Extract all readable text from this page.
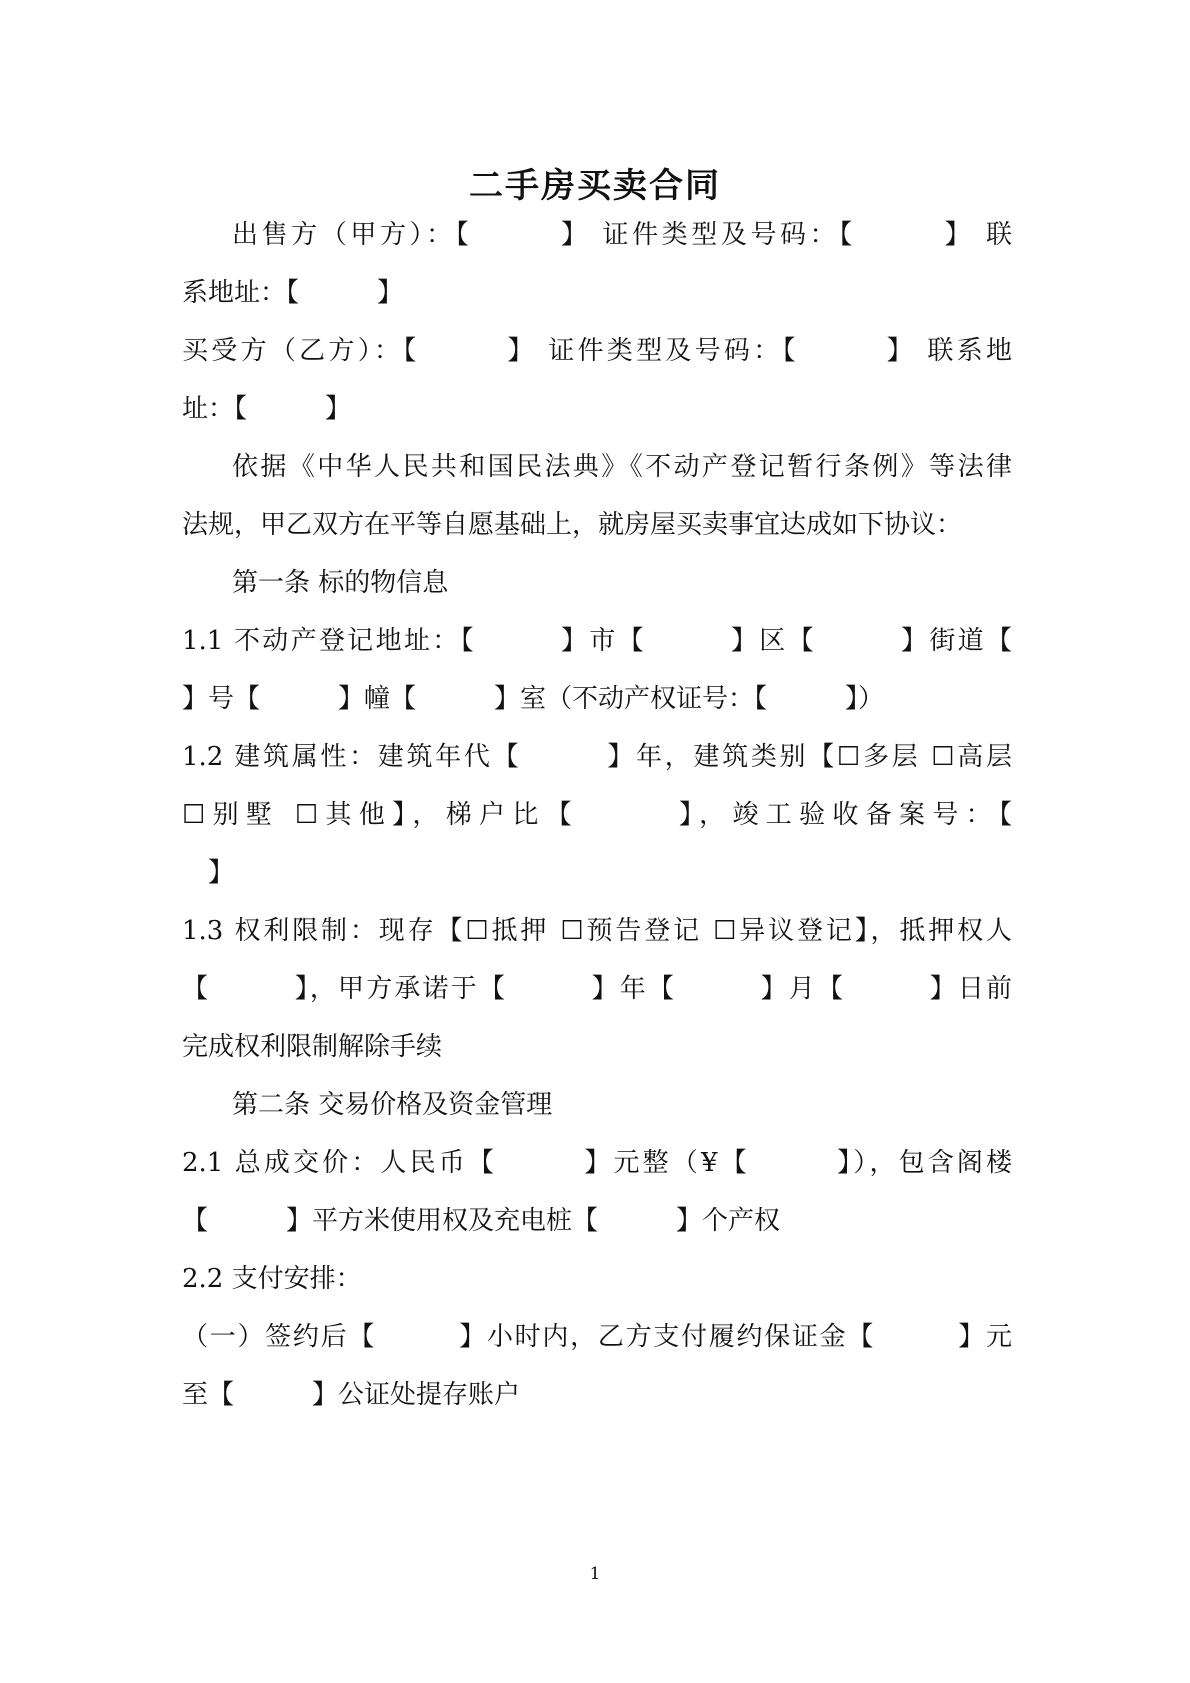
二手房买卖合同
出售方（甲方）：【　　　】 证件类型及号码：【　　　】 联
系地址：【　　　】
买受方（乙方）：【　　　】 证件类型及号码：【　　　】 联系地
址：【　　　】
依据《中华人民共和国民法典》《不动产登记暂行条例》等法律
法规，甲乙双方在平等自愿基础上，就房屋买卖事宜达成如下协议：
第一条 标的物信息
1.1 不动产登记地址：【　　　】市【　　　】区【　　　】街道【
】号【　　　】幢【　　　】室（不动产权证号：【　　　】）
1.2 建筑属性：建筑年代【　　　】年，建筑类别【☐多层 ☐高层
☐别墅 ☐其他】，梯户比【　　　】，竣工验收备案号：【
】
1.3 权利限制：现存【☐抵押 ☐预告登记 ☐异议登记】，抵押权人
【　　　】，甲方承诺于【　　　】年【　　　】月【　　　】日前
完成权利限制解除手续
第二条 交易价格及资金管理
2.1 总成交价：人民币【　　　】元整（¥【　　　】），包含阁楼
【　　　】平方米使用权及充电桩【　　　】个产权
2.2 支付安排：
（一）签约后【　　　】小时内，乙方支付履约保证金【　　　】元
至【　　　】公证处提存账户
1
